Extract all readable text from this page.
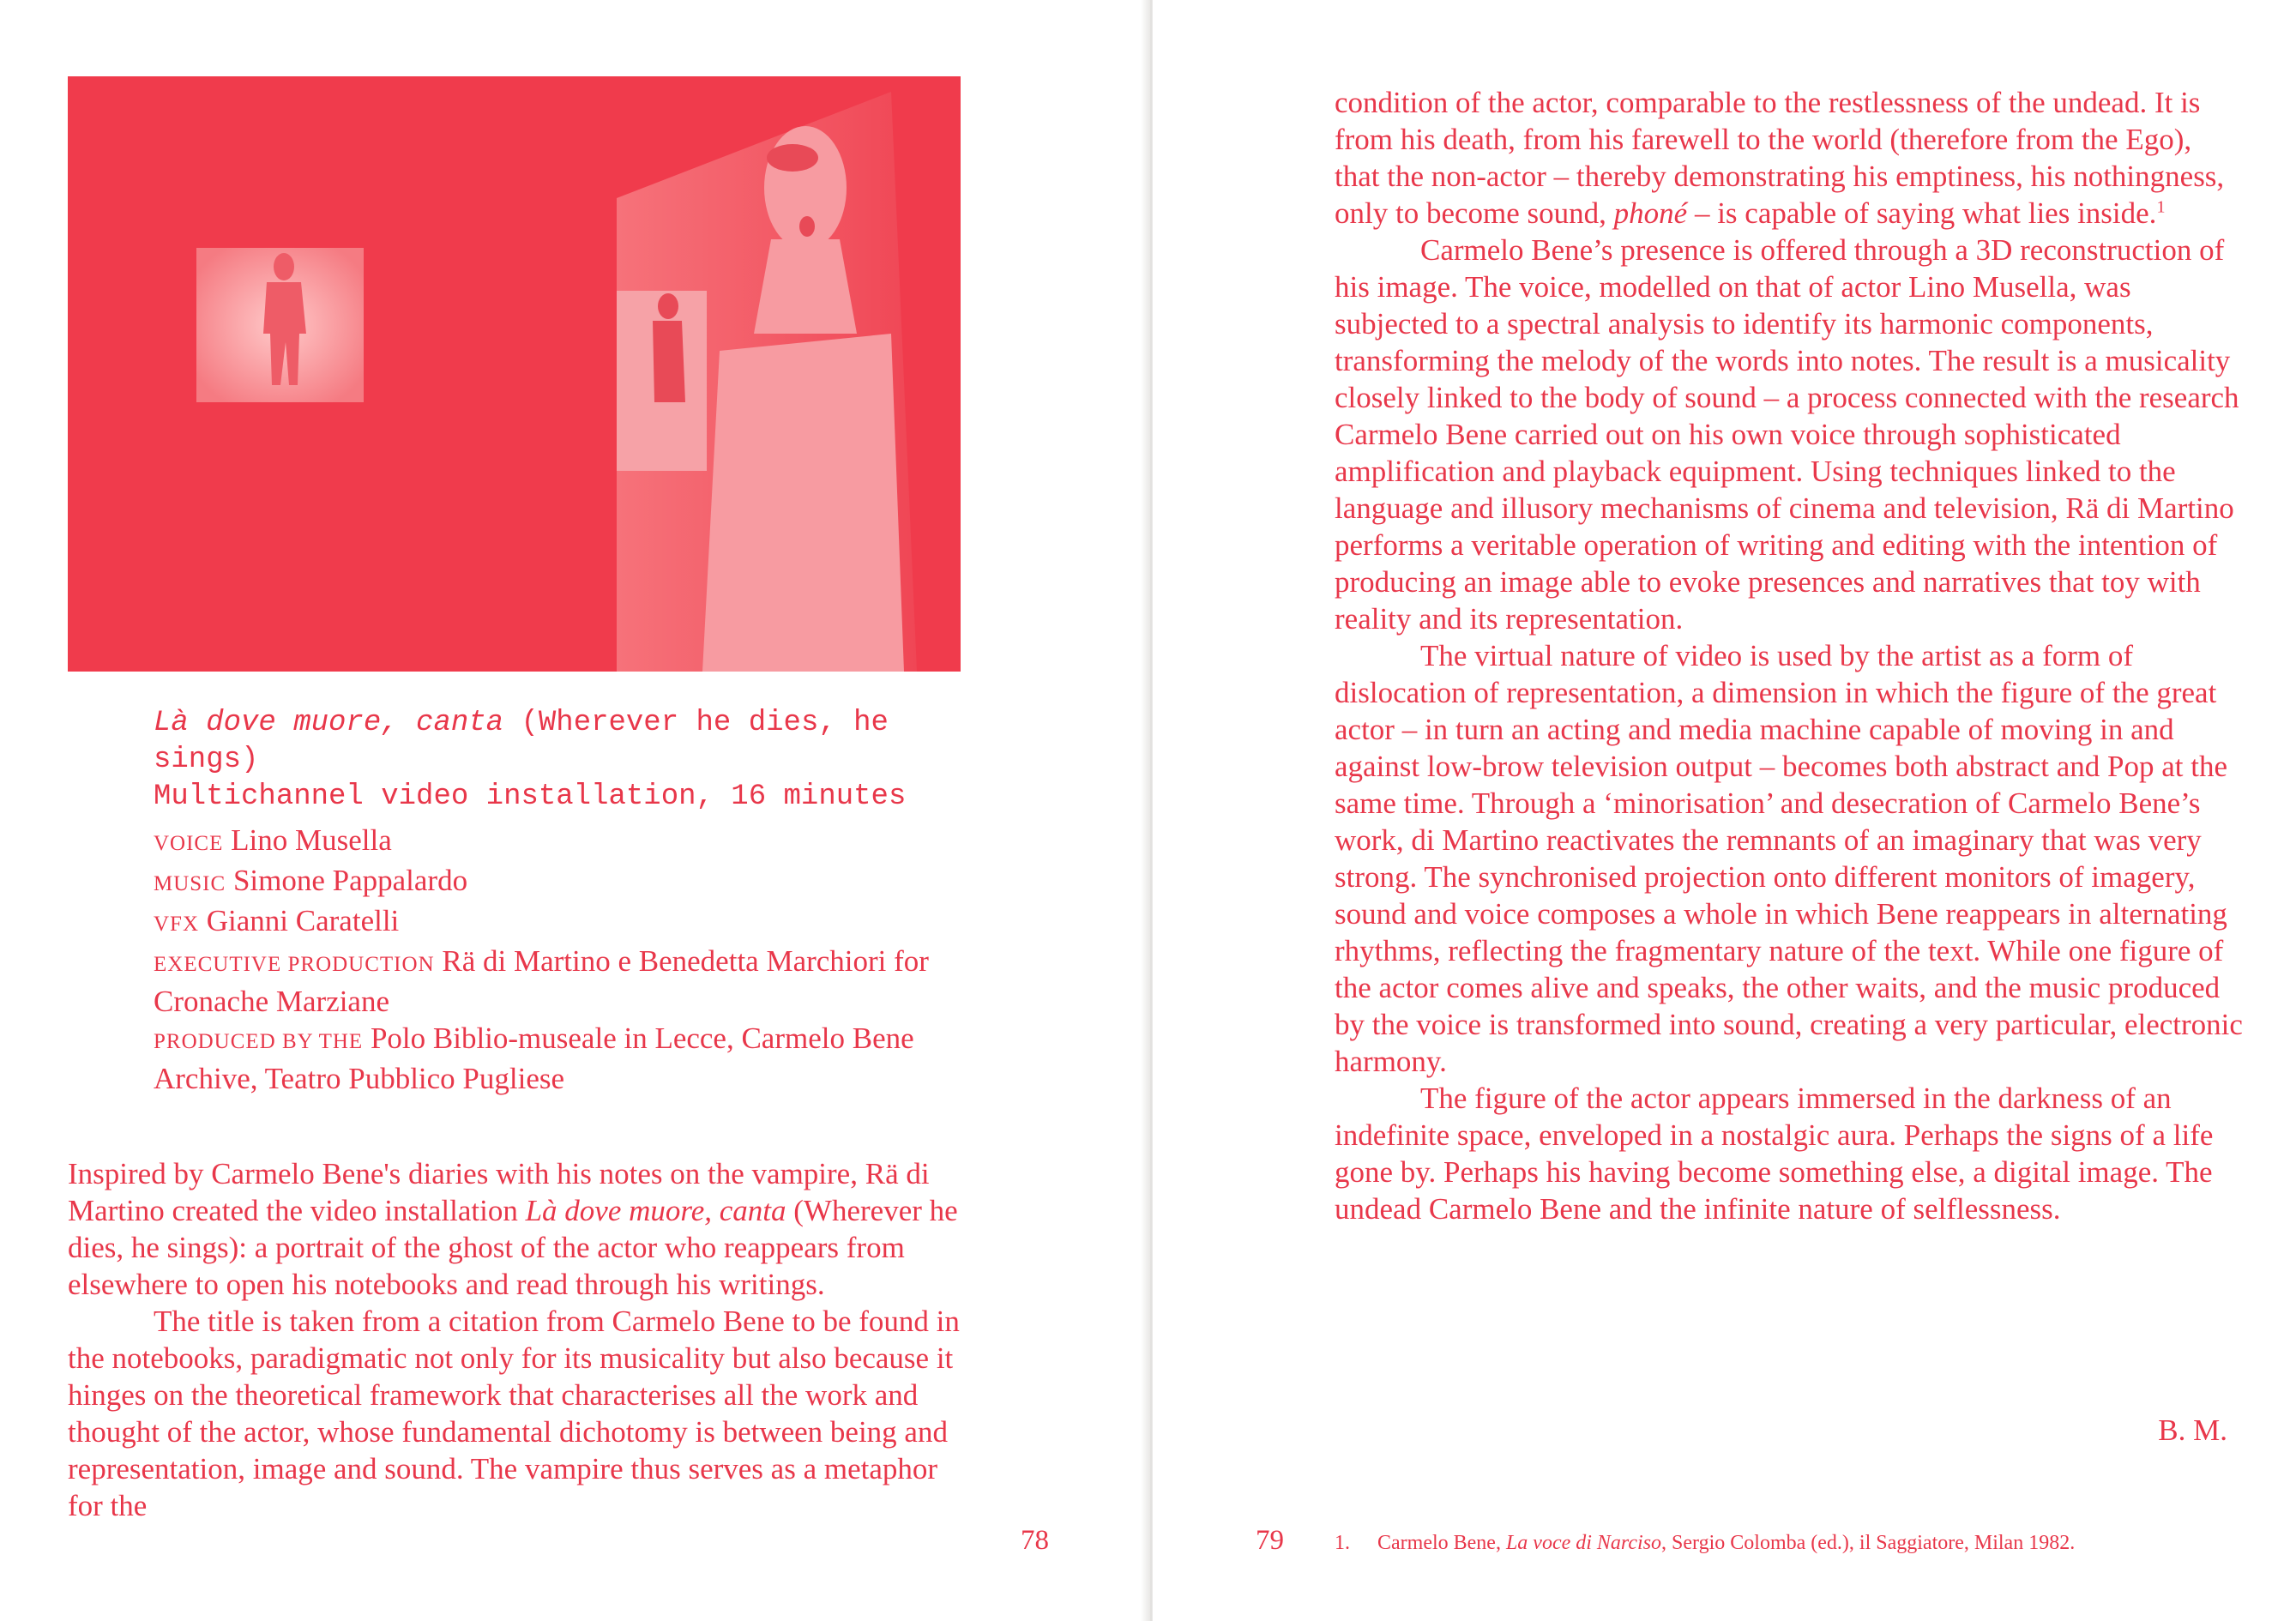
Là dove muore, canta (Wherever he dies, he sings)
Multichannel video installation, 16 minutes
VOICE Lino Musella
MUSIC Simone Pappalardo
VFX Gianni Caratelli
EXECUTIVE PRODUCTION Rä di Martino e Benedetta Marchiori for Cronache Marziane
PRODUCED BY THE Polo Biblio-museale in Lecce, Carmelo Bene Archive, Teatro Pubblico Pugliese

Inspired by Carmelo Bene's diaries with his notes on the vampire, Rä di Martino created the video installation Là dove muore, canta (Wherever he dies, he sings): a portrait of the ghost of the actor who reappears from elsewhere to open his notebooks and read through his writings.

The title is taken from a citation from Carmelo Bene to be found in the notebooks, paradigmatic not only for its musicality but also because it hinges on the theoretical framework that characterises all the work and thought of the actor, whose fundamental dichotomy is between being and representation, image and sound. The vampire thus serves as a metaphor for the

78	79

condition of the actor, comparable to the restlessness of the undead. It is from his death, from his farewell to the world (therefore from the Ego), that the non-actor – thereby demonstrating his emptiness, his nothingness, only to become sound, phoné – is capable of saying what lies inside.$^1$

Carmelo Bene’s presence is offered through a 3D reconstruction of his image. The voice, modelled on that of actor Lino Musella, was subjected to a spectral analysis to identify its harmonic components, transforming the melody of the words into notes. The result is a musicality closely linked to the body of sound – a process connected with the research Carmelo Bene carried out on his own voice through sophisticated amplification and playback equipment. Using techniques linked to the language and illusory mechanisms of cinema and television, Rä di Martino performs a veritable operation of writing and editing with the intention of producing an image able to evoke presences and narratives that toy with reality and its representation.

The virtual nature of video is used by the artist as a form of dislocation of representation, a dimension in which the figure of the great actor – in turn an acting and media machine capable of moving in and against low-brow television output – becomes both abstract and Pop at the same time. Through a ‘minorisation’ and desecration of Carmelo Bene’s work, di Martino reactivates the remnants of an imaginary that was very strong. The synchronised projection onto different monitors of imagery, sound and voice composes a whole in which Bene reappears in alternating rhythms, reflecting the fragmentary nature of the text. While one figure of the actor comes alive and speaks, the other waits, and the music produced by the voice is transformed into sound, creating a very particular, electronic harmony.

The figure of the actor appears immersed in the darkness of an indefinite space, enveloped in a nostalgic aura. Perhaps the signs of a life gone by. Perhaps his having become something else, a digital image. The undead Carmelo Bene and the infinite nature of selflessness.

B. M.
1. Carmelo Bene, La voce di Narciso, Sergio Colomba (ed.), il Saggiatore, Milan 1982.
